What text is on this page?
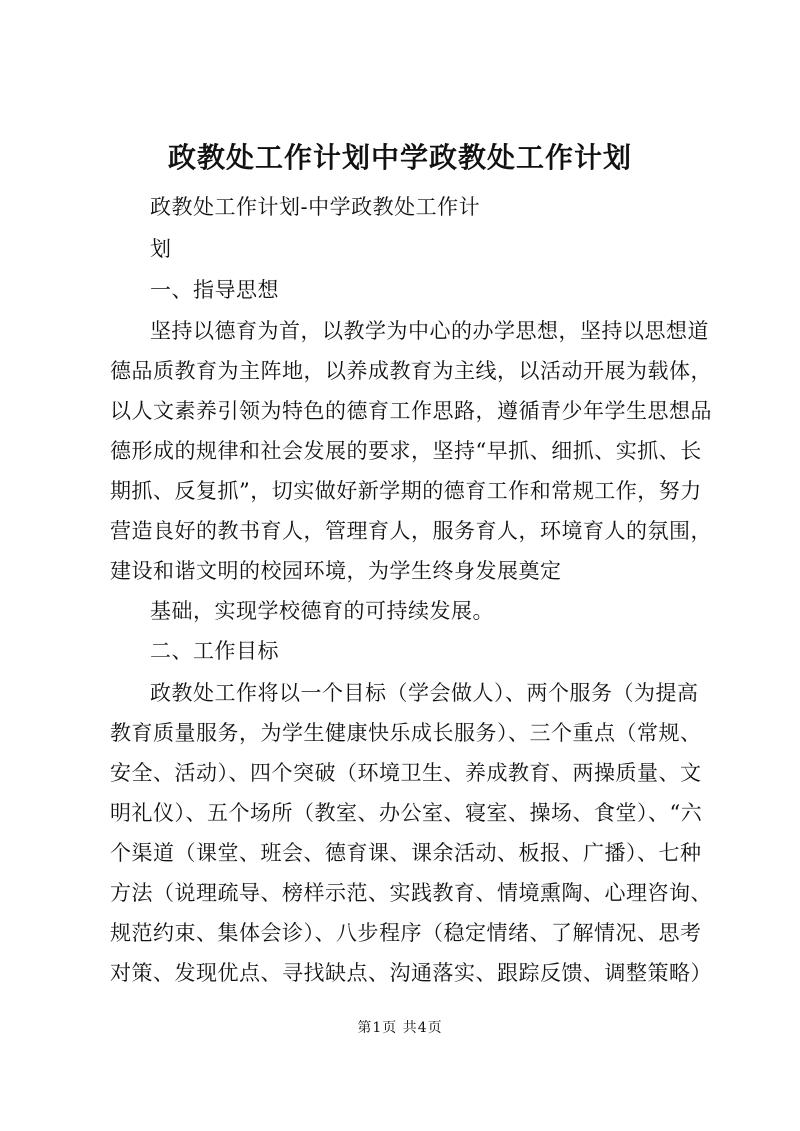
政教处工作计划中学政教处工作计划

政教处工作计划-中学政教处工作计

划

一、指导思想

坚持以德育为首，以教学为中心的办学思想，坚持以思想道

德品质教育为主阵地，以养成教育为主线，以活动开展为载体，

以人文素养引领为特色的德育工作思路，遵循青少年学生思想品

德形成的规律和社会发展的要求，坚持“早抓、细抓、实抓、长

期抓、反复抓”，切实做好新学期的德育工作和常规工作，努力

营造良好的教书育人，管理育人，服务育人，环境育人的氛围，

建设和谐文明的校园环境，为学生终身发展奠定

基础，实现学校德育的可持续发展。

二、工作目标

政教处工作将以一个目标（学会做人）、两个服务（为提高

教育质量服务，为学生健康快乐成长服务）、三个重点（常规、

安全、活动）、四个突破（环境卫生、养成教育、两操质量、文

明礼仪）、五个场所（教室、办公室、寝室、操场、食堂）、“六

个渠道（课堂、班会、德育课、课余活动、板报、广播）、七种

方法（说理疏导、榜样示范、实践教育、情境熏陶、心理咨询、

规范约束、集体会诊）、八步程序（稳定情绪、了解情况、思考

对策、发现优点、寻找缺点、沟通落实、跟踪反馈、调整策略）

第1页 共4页
